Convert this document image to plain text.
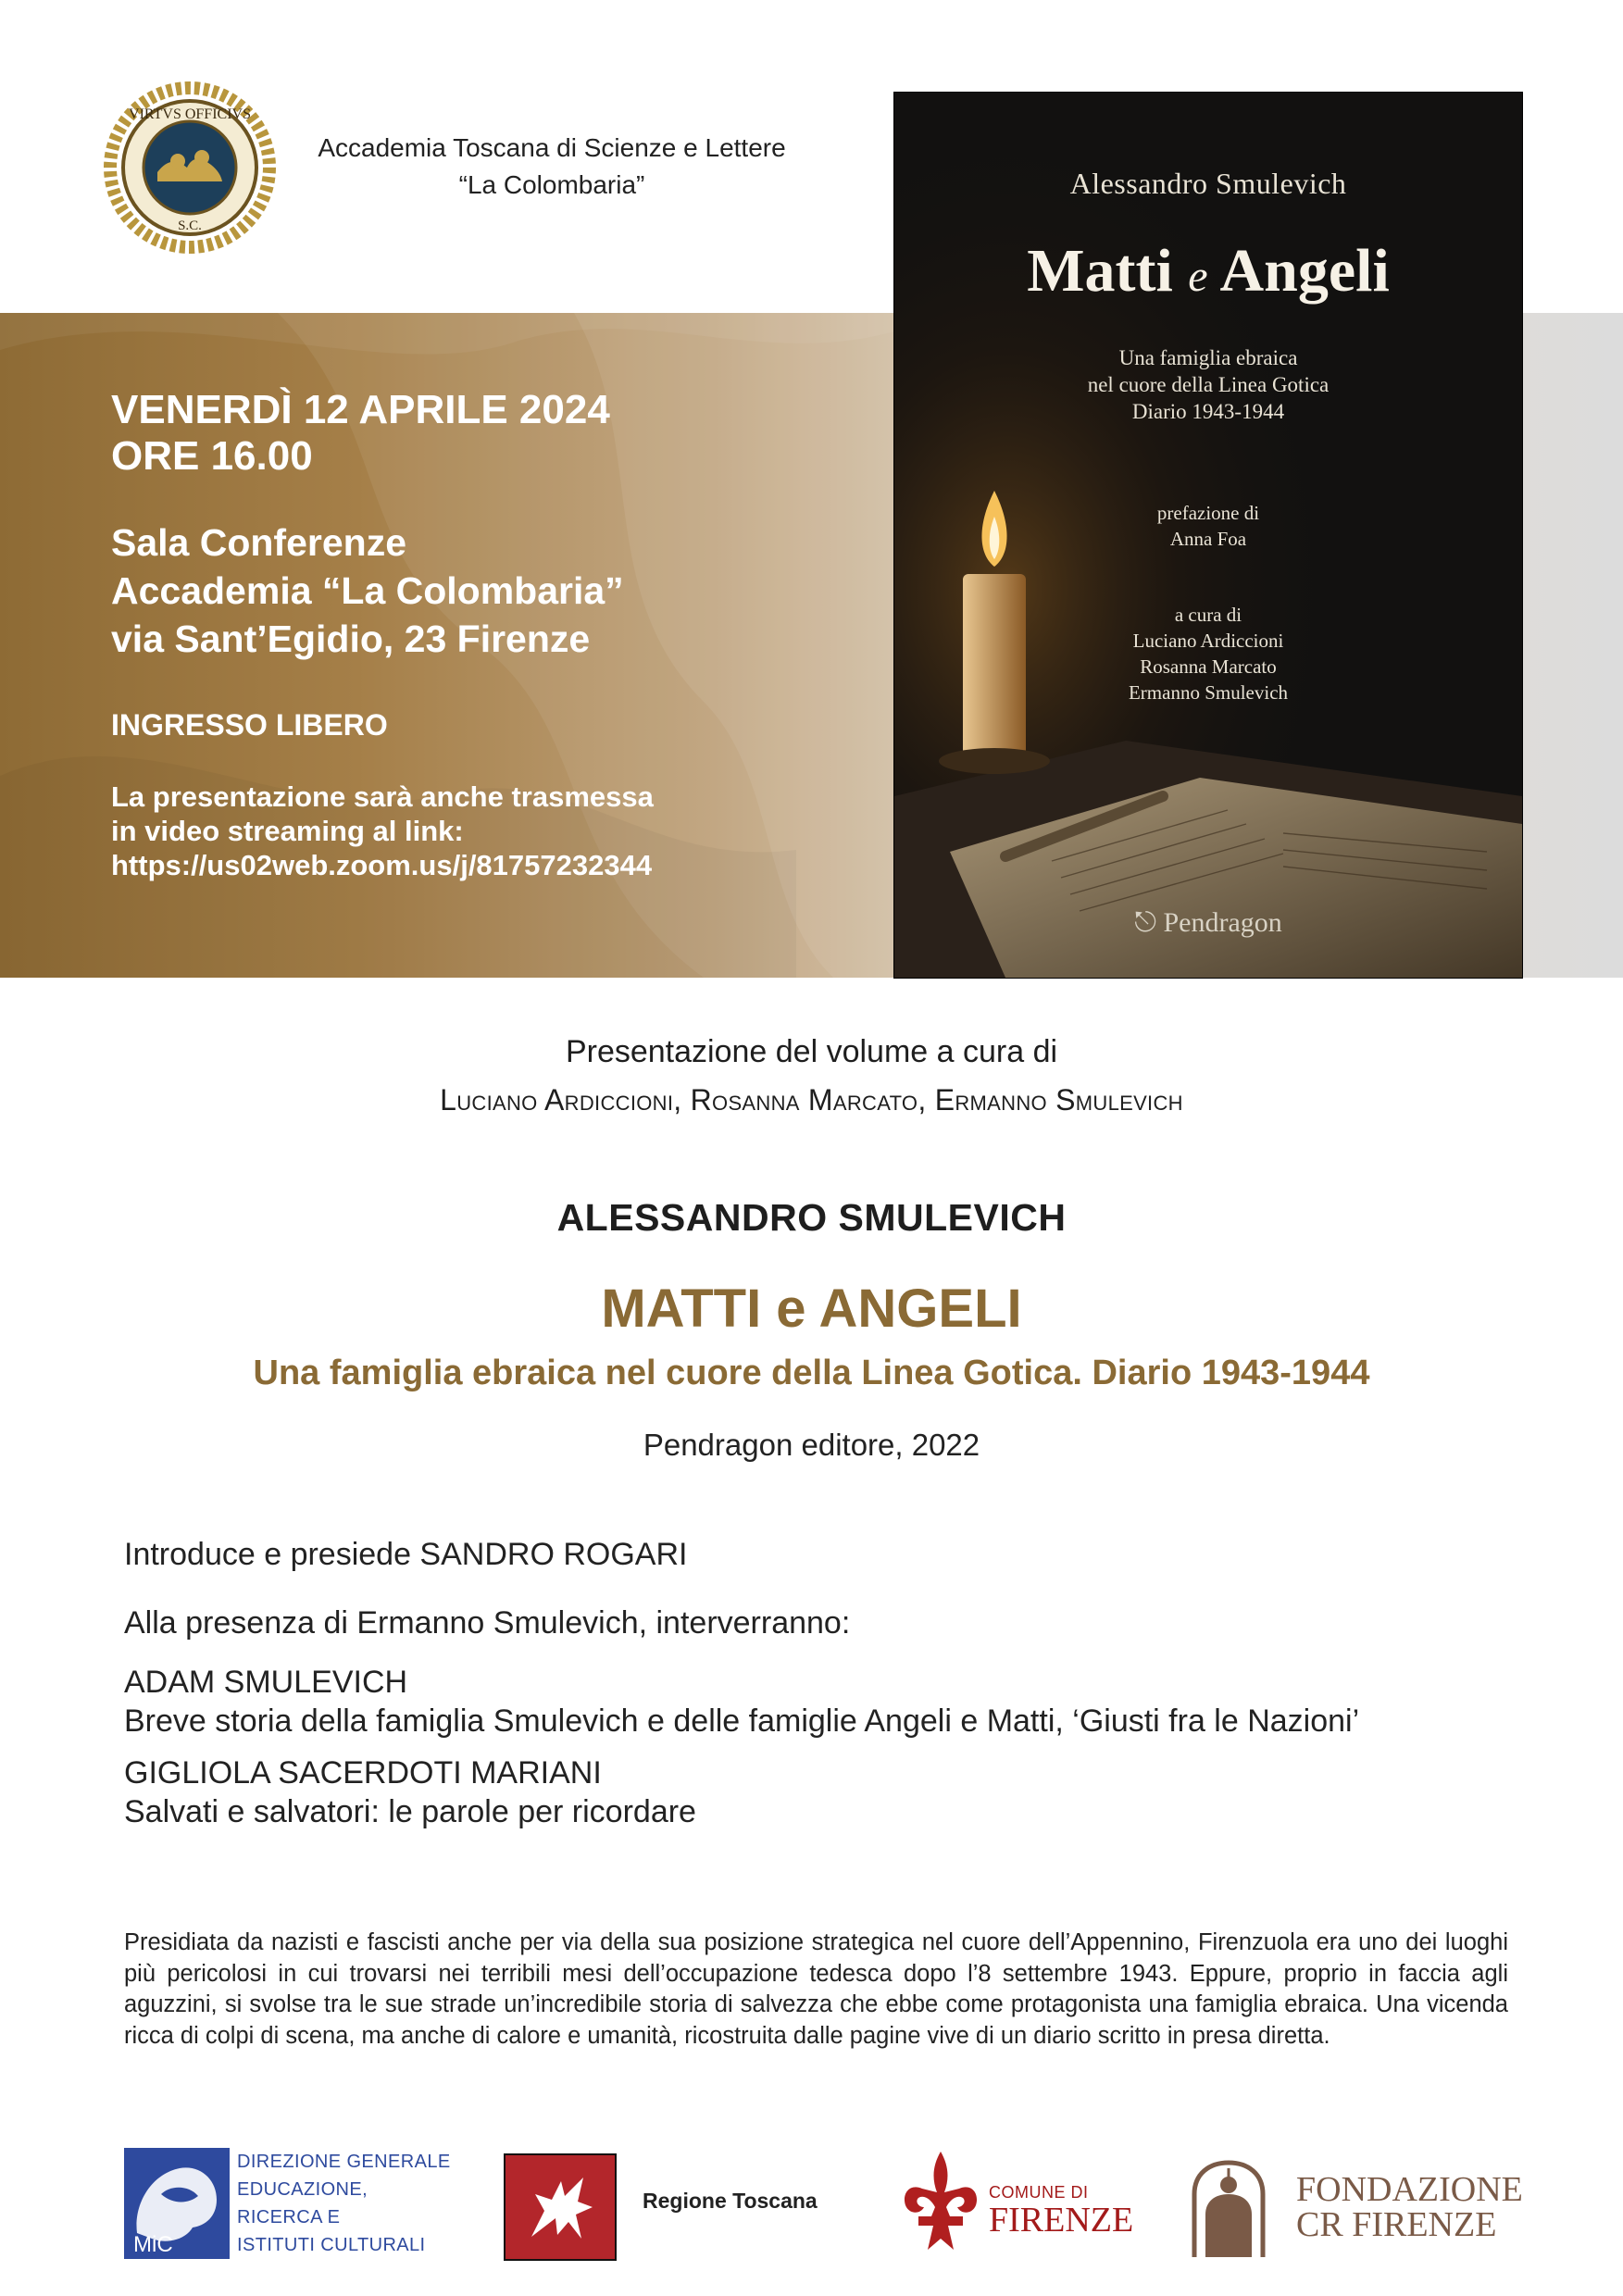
VIRTVS OFFICIVS
S.C.
Accademia Toscana di Scienze e Lettere
“La Colombaria”
VENERDÌ 12 APRILE 2024
ORE 16.00
Sala Conferenze
Accademia “La Colombaria”
via Sant’Egidio, 23 Firenze
INGRESSO LIBERO
La presentazione sarà anche trasmessa
in video streaming al link:
https://us02web.zoom.us/j/81757232344
Alessandro Smulevich
Matti e Angeli
Una famiglia ebraica
nel cuore della Linea Gotica
Diario 1943-1944
prefazione di
Anna Foa
a cura di
Luciano Ardiccioni
Rosanna Marcato
Ermanno Smulevich
⎋ Pendragon
Presentazione del volume a cura di
Luciano Ardiccioni, Rosanna Marcato, Ermanno Smulevich
ALESSANDRO SMULEVICH
MATTI e ANGELI
Una famiglia ebraica nel cuore della Linea Gotica. Diario 1943-1944
Pendragon editore, 2022

Introduce e presiede SANDRO ROGARI

Alla presenza di Ermanno Smulevich, interverranno:

ADAM SMULEVICH

Breve storia della famiglia Smulevich e delle famiglie Angeli e Matti, ‘Giusti fra le Nazioni’

GIGLIOLA SACERDOTI MARIANI

Salvati e salvatori: le parole per ricordare

Presidiata da nazisti e fascisti anche per via della sua posizione strategica nel cuore dell’Appennino, Firenzuola era uno dei luoghi più pericolosi in cui trovarsi nei terribili mesi dell’occupazione tedesca dopo l’8 settembre 1943. Eppure, proprio in faccia agli aguzzini, si svolse tra le sue strade un’incredibile storia di salvezza che ebbe come protagonista una famiglia ebraica. Una vicenda ricca di colpi di scena, ma anche di calore e umanità, ricostruita dalle pagine vive di un diario scritto in presa diretta.
MiC
DIREZIONE GENERALE
EDUCAZIONE,
RICERCA E
ISTITUTI CULTURALI
Regione Toscana	COMUNE DI
FIRENZE
FONDAZIONE
CR FIRENZE
